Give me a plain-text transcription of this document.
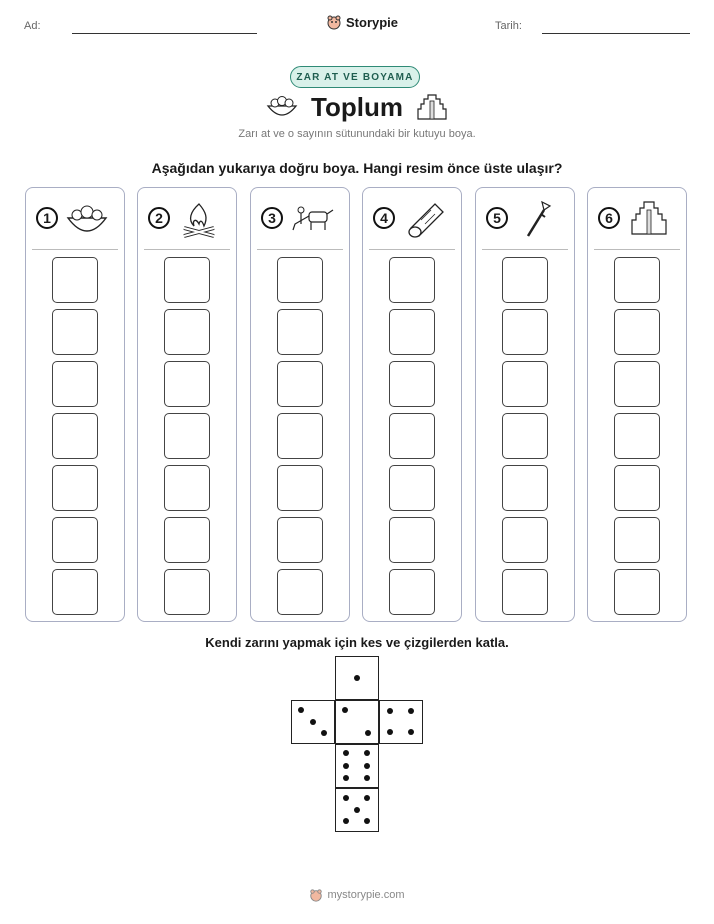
Ad:	Storypie	Tarih:
ZAR AT VE BOYAMA
Toplum
Zarı at ve o sayının sütunundaki bir kutuyu boya.
Aşağıdan yukarıya doğru boya. Hangi resim önce üste ulaşır?
1	2	3	4	5	6
Kendi zarını yapmak için kes ve çizgilerden katla.
mystorypie.com
